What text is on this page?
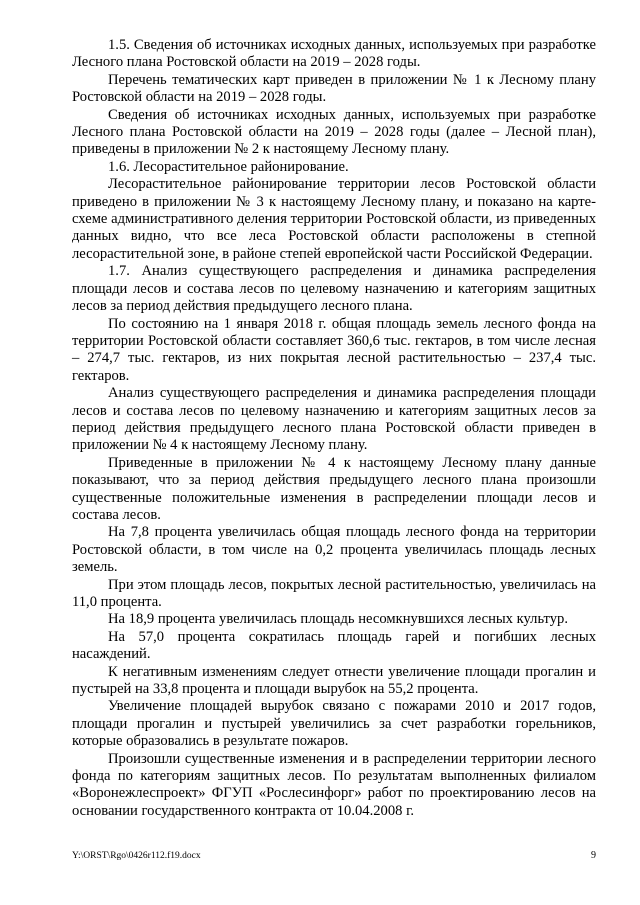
1.5. Сведения об источниках исходных данных, используемых при разработке Лесного плана Ростовской области на 2019 – 2028 годы.

Перечень тематических карт приведен в приложении № 1 к Лесному плану Ростовской области на 2019 – 2028 годы.

Сведения об источниках исходных данных, используемых при разработке Лесного плана Ростовской области на 2019 – 2028 годы (далее – Лесной план), приведены в приложении № 2 к настоящему Лесному плану.

1.6. Лесорастительное районирование.

Лесорастительное районирование территории лесов Ростовской области приведено в приложении № 3 к настоящему Лесному плану, и показано на карте-схеме административного деления территории Ростовской области, из приведенных данных видно, что все леса Ростовской области расположены в степной лесорастительной зоне, в районе степей европейской части Российской Федерации.

1.7. Анализ существующего распределения и динамика распределения площади лесов и состава лесов по целевому назначению и категориям защитных лесов за период действия предыдущего лесного плана.

По состоянию на 1 января 2018 г. общая площадь земель лесного фонда на территории Ростовской области составляет 360,6 тыс. гектаров, в том числе лесная – 274,7 тыс. гектаров, из них покрытая лесной растительностью – 237,4 тыс. гектаров.

Анализ существующего распределения и динамика распределения площади лесов и состава лесов по целевому назначению и категориям защитных лесов за период действия предыдущего лесного плана Ростовской области приведен в приложении № 4 к настоящему Лесному плану.

Приведенные в приложении № 4 к настоящему Лесному плану данные показывают, что за период действия предыдущего лесного плана произошли существенные положительные изменения в распределении площади лесов и состава лесов.

На 7,8 процента увеличилась общая площадь лесного фонда на территории Ростовской области, в том числе на 0,2 процента увеличилась площадь лесных земель.

При этом площадь лесов, покрытых лесной растительностью, увеличилась на 11,0 процента.

На 18,9 процента увеличилась площадь несомкнувшихся лесных культур.

На 57,0 процента сократилась площадь гарей и погибших лесных насаждений.

К негативным изменениям следует отнести увеличение площади прогалин и пустырей на 33,8 процента и площади вырубок на 55,2 процента.

Увеличение площадей вырубок связано с пожарами 2010 и 2017 годов, площади прогалин и пустырей увеличились за счет разработки горельников, которые образовались в результате пожаров.

Произошли существенные изменения и в распределении территории лесного фонда по категориям защитных лесов. По результатам выполненных филиалом «Воронежлеспроект» ФГУП «Рослесинфорг» работ по проектированию лесов на основании государственного контракта от 10.04.2008 г.

Y:\ORST\Rgo\0426r112.f19.docx	9
